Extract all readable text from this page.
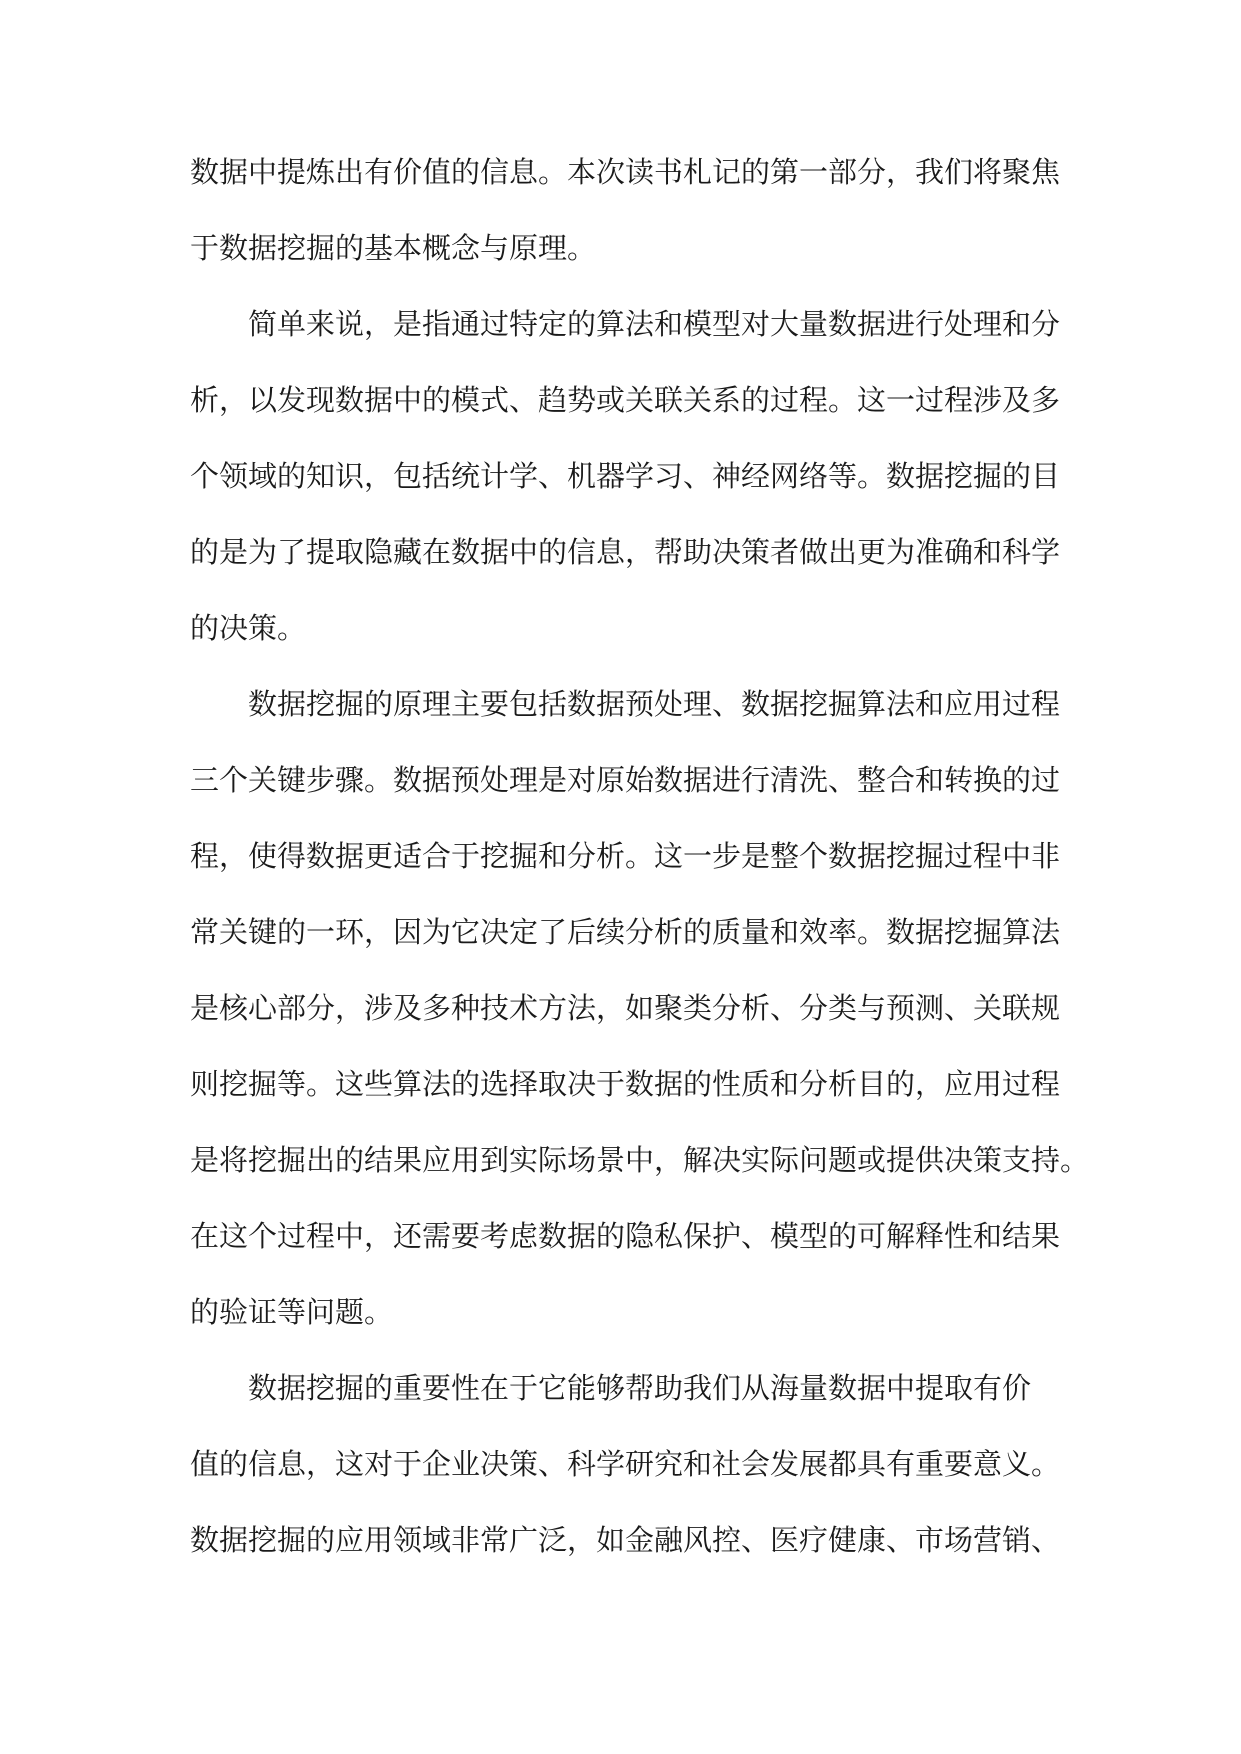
数据中提炼出有价值的信息。本次读书札记的第一部分，我们将聚焦
于数据挖掘的基本概念与原理。
简单来说，是指通过特定的算法和模型对大量数据进行处理和分
析，以发现数据中的模式、趋势或关联关系的过程。这一过程涉及多
个领域的知识，包括统计学、机器学习、神经网络等。数据挖掘的目
的是为了提取隐藏在数据中的信息，帮助决策者做出更为准确和科学
的决策。
数据挖掘的原理主要包括数据预处理、数据挖掘算法和应用过程
三个关键步骤。数据预处理是对原始数据进行清洗、整合和转换的过
程，使得数据更适合于挖掘和分析。这一步是整个数据挖掘过程中非
常关键的一环，因为它决定了后续分析的质量和效率。数据挖掘算法
是核心部分，涉及多种技术方法，如聚类分析、分类与预测、关联规
则挖掘等。这些算法的选择取决于数据的性质和分析目的，应用过程
是将挖掘出的结果应用到实际场景中，解决实际问题或提供决策支持。
在这个过程中，还需要考虑数据的隐私保护、模型的可解释性和结果
的验证等问题。
数据挖掘的重要性在于它能够帮助我们从海量数据中提取有价
值的信息，这对于企业决策、科学研究和社会发展都具有重要意义。
数据挖掘的应用领域非常广泛，如金融风控、医疗健康、市场营销、
